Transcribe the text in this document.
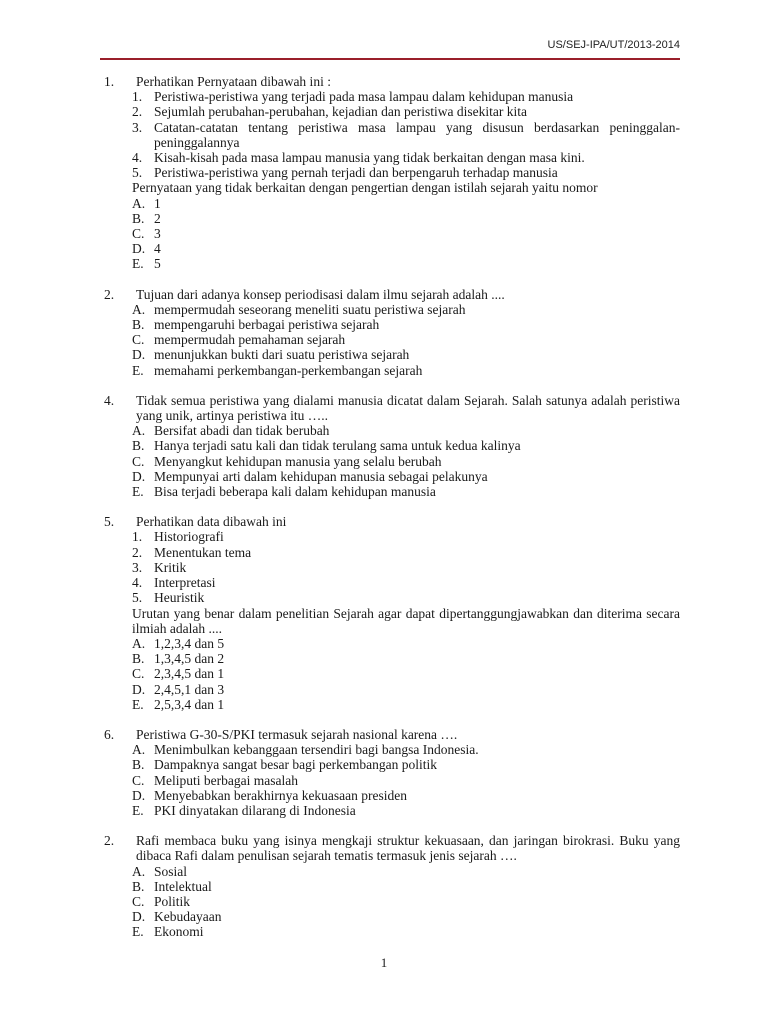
US/SEJ-IPA/UT/2013-2014
1.	Perhatikan Pernyataan dibawah ini :
1. Peristiwa-peristiwa yang terjadi pada masa lampau dalam kehidupan manusia
2. Sejumlah perubahan-perubahan, kejadian dan peristiwa disekitar kita
3. Catatan-catatan tentang peristiwa masa lampau yang disusun berdasarkan peninggalan-peninggalannya
4. Kisah-kisah pada masa lampau manusia yang tidak berkaitan dengan masa kini.
5. Peristiwa-peristiwa yang pernah terjadi dan berpengaruh terhadap manusia
Pernyataan yang tidak berkaitan dengan pengertian dengan istilah sejarah yaitu nomor
A. 1
B. 2
C. 3
D. 4
E. 5
2.	Tujuan dari adanya konsep periodisasi dalam ilmu sejarah adalah ....
A. mempermudah seseorang meneliti suatu peristiwa sejarah
B. mempengaruhi berbagai peristiwa sejarah
C. mempermudah pemahaman sejarah
D. menunjukkan bukti dari suatu peristiwa sejarah
E. memahami perkembangan-perkembangan sejarah
4.	Tidak semua peristiwa yang dialami manusia dicatat dalam Sejarah. Salah satunya adalah peristiwa yang unik, artinya peristiwa itu …..
A. Bersifat abadi dan tidak berubah
B. Hanya terjadi satu kali dan tidak terulang sama untuk kedua kalinya
C. Menyangkut kehidupan manusia yang selalu berubah
D. Mempunyai arti dalam kehidupan manusia sebagai pelakunya
E. Bisa terjadi beberapa kali dalam kehidupan manusia
5.	Perhatikan data dibawah ini
1. Historiografi
2. Menentukan tema
3. Kritik
4. Interpretasi
5. Heuristik
Urutan yang benar dalam penelitian Sejarah agar dapat dipertanggungjawabkan dan diterima secara ilmiah adalah ....
A. 1,2,3,4 dan 5
B. 1,3,4,5 dan 2
C. 2,3,4,5 dan 1
D. 2,4,5,1 dan 3
E. 2,5,3,4 dan 1
6.	Peristiwa G-30-S/PKI termasuk sejarah nasional karena ….
A. Menimbulkan kebanggaan tersendiri bagi bangsa Indonesia.
B. Dampaknya sangat besar bagi perkembangan politik
C. Meliputi berbagai masalah
D. Menyebabkan berakhirnya kekuasaan presiden
E. PKI dinyatakan dilarang di Indonesia
2.	Rafi membaca buku yang isinya mengkaji struktur kekuasaan, dan jaringan birokrasi. Buku yang dibaca Rafi dalam penulisan sejarah tematis termasuk jenis sejarah ….
A. Sosial
B. Intelektual
C. Politik
D. Kebudayaan
E. Ekonomi
1
